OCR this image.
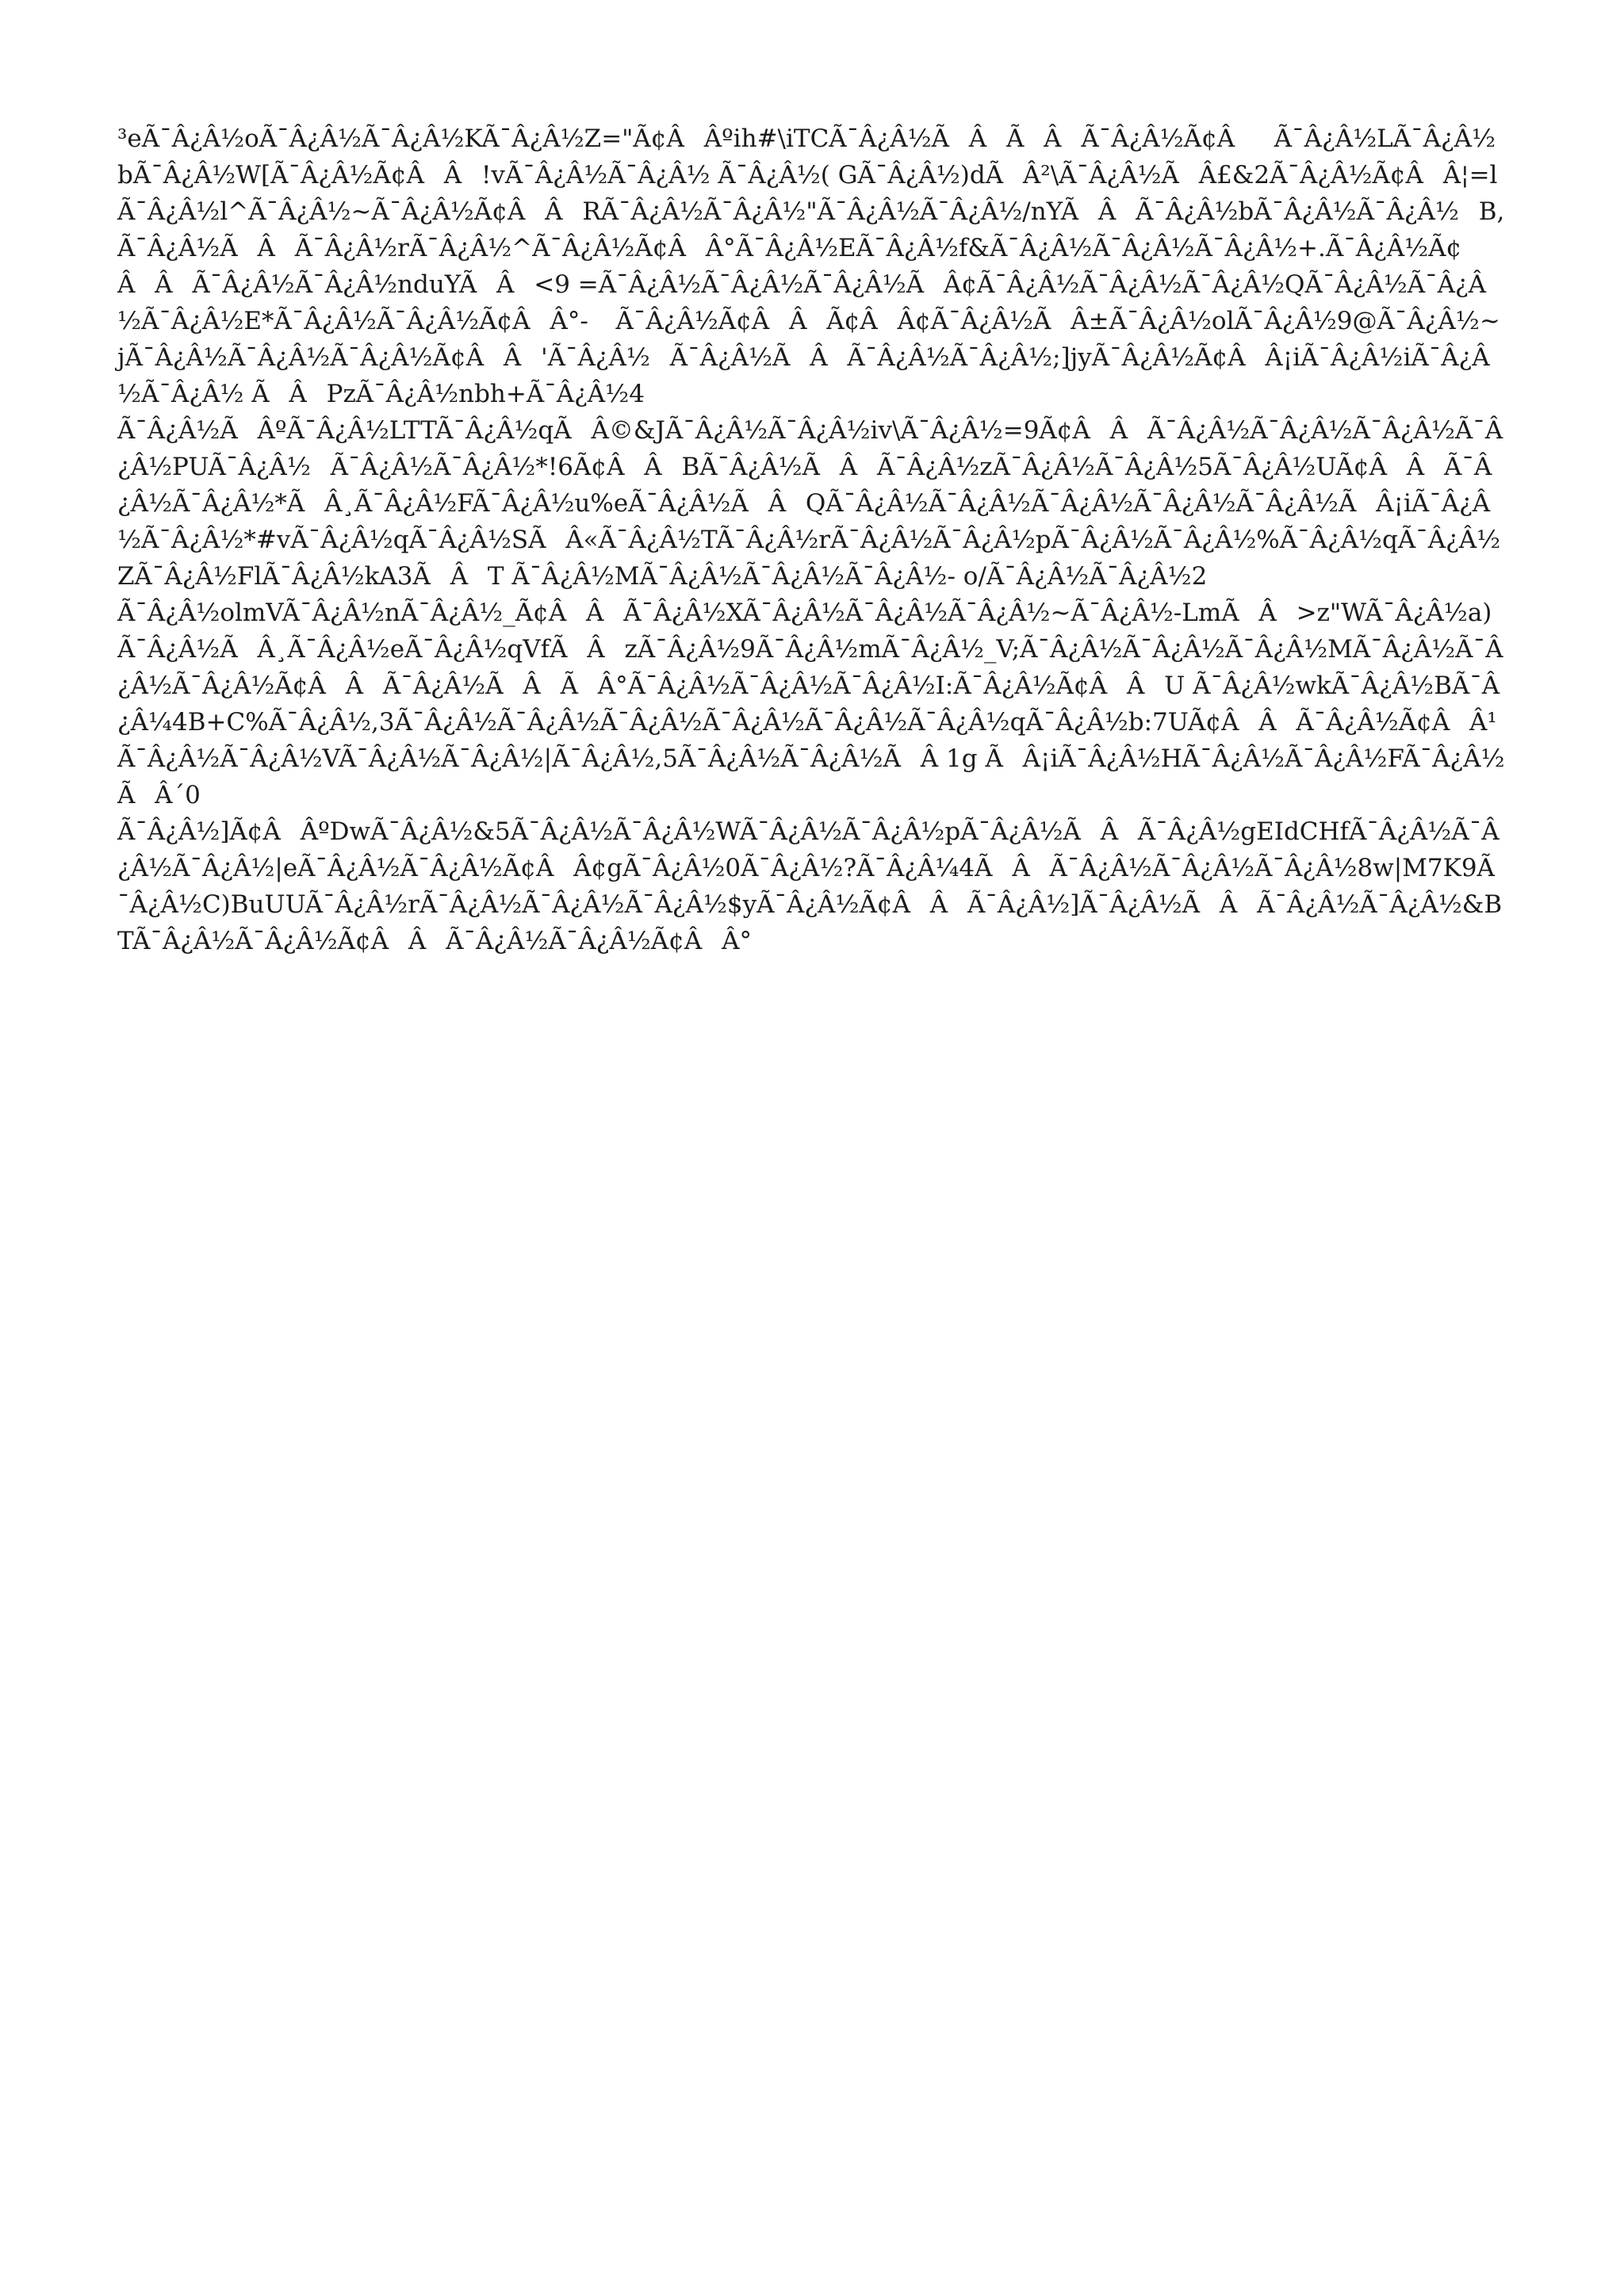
³eÃ¯Â¿Â½oÃ¯Â¿Â½Ã¯Â¿Â½KÃ¯Â¿Â½Z="Ã¢ÂÂºih#\iTCÃ¯Â¿Â½ÃÂÃÂÃ¯Â¿Â½Ã¢ÂÃ¯Â¿Â½LÃ¯Â¿Â½bÃ¯Â¿Â½W[Ã¯Â¿Â½Ã¢ÂÂ!vÃ¯Â¿Â½Ã¯Â¿Â½ Ã¯Â¿Â½( GÃ¯Â¿Â½)dÃÂ²\Ã¯Â¿Â½ÃÂ£&2Ã¯Â¿Â½Ã¢ÂÂ¦=lÃ¯Â¿Â½l^Ã¯Â¿Â½~Ã¯Â¿Â½Ã¢ÂÂRÃ¯Â¿Â½Ã¯Â¿Â½"Ã¯Â¿Â½Ã¯Â¿Â½/nYÃÂÃ¯Â¿Â½bÃ¯Â¿Â½Ã¯Â¿Â½B,Ã¯Â¿Â½ÃÂÃ¯Â¿Â½rÃ¯Â¿Â½^Ã¯Â¿Â½Ã¢ÂÂ°Ã¯Â¿Â½EÃ¯Â¿Â½f&Ã¯Â¿Â½Ã¯Â¿Â½Ã¯Â¿Â½+.Ã¯Â¿Â½Ã¢ÂÂÃ¯Â¿Â½Ã¯Â¿Â½nduYÃÂ<9 =Ã¯Â¿Â½Ã¯Â¿Â½Ã¯Â¿Â½ÃÂ¢Ã¯Â¿Â½Ã¯Â¿Â½Ã¯Â¿Â½QÃ¯Â¿Â½Ã¯Â¿Â½Ã¯Â¿Â½E*Ã¯Â¿Â½Ã¯Â¿Â½Ã¢ÂÂ°- Ã¯Â¿Â½Ã¢ÂÂÃ¢ÂÂ¢Ã¯Â¿Â½ÃÂ±Ã¯Â¿Â½olÃ¯Â¿Â½9@Ã¯Â¿Â½~jÃ¯Â¿Â½Ã¯Â¿Â½Ã¯Â¿Â½Ã¢ÂÂ'Ã¯Â¿Â½Ã¯Â¿Â½ÃÂÃ¯Â¿Â½Ã¯Â¿Â½;]jyÃ¯Â¿Â½Ã¢ÂÂ¡iÃ¯Â¿Â½iÃ¯Â¿Â½Ã¯Â¿Â½ ÃÂPzÃ¯Â¿Â½nbh+Ã¯Â¿Â½4

Ã¯Â¿Â½ÃÂºÃ¯Â¿Â½LTTÃ¯Â¿Â½qÃÂ©&JÃ¯Â¿Â½Ã¯Â¿Â½iv\Ã¯Â¿Â½=9Ã¢ÂÂÃ¯Â¿Â½Ã¯Â¿Â½Ã¯Â¿Â½Ã¯Â¿Â½PUÃ¯Â¿Â½Ã¯Â¿Â½Ã¯Â¿Â½*!6Ã¢ÂÂBÃ¯Â¿Â½ÃÂÃ¯Â¿Â½zÃ¯Â¿Â½Ã¯Â¿Â½5Ã¯Â¿Â½UÃ¢ÂÂÃ¯Â¿Â½Ã¯Â¿Â½*ÃÂ¸Ã¯Â¿Â½FÃ¯Â¿Â½u%eÃ¯Â¿Â½ÃÂQÃ¯Â¿Â½Ã¯Â¿Â½Ã¯Â¿Â½Ã¯Â¿Â½Ã¯Â¿Â½ÃÂ¡iÃ¯Â¿Â½Ã¯Â¿Â½*#vÃ¯Â¿Â½qÃ¯Â¿Â½SÃÂ«Ã¯Â¿Â½TÃ¯Â¿Â½rÃ¯Â¿Â½Ã¯Â¿Â½pÃ¯Â¿Â½Ã¯Â¿Â½%Ã¯Â¿Â½qÃ¯Â¿Â½ZÃ¯Â¿Â½FlÃ¯Â¿Â½kA3ÃÂT Ã¯Â¿Â½MÃ¯Â¿Â½Ã¯Â¿Â½Ã¯Â¿Â½- o/Ã¯Â¿Â½Ã¯Â¿Â½2

Ã¯Â¿Â½olmVÃ¯Â¿Â½nÃ¯Â¿Â½_Ã¢ÂÂÃ¯Â¿Â½XÃ¯Â¿Â½Ã¯Â¿Â½Ã¯Â¿Â½~Ã¯Â¿Â½-LmÃÂ>z"WÃ¯Â¿Â½a)Ã¯Â¿Â½ÃÂ¸Ã¯Â¿Â½eÃ¯Â¿Â½qVfÃÂzÃ¯Â¿Â½9Ã¯Â¿Â½mÃ¯Â¿Â½_V;Ã¯Â¿Â½Ã¯Â¿Â½Ã¯Â¿Â½MÃ¯Â¿Â½Ã¯Â¿Â½Ã¯Â¿Â½Ã¢ÂÂÃ¯Â¿Â½ÃÂÃÂ°Ã¯Â¿Â½Ã¯Â¿Â½Ã¯Â¿Â½I:Ã¯Â¿Â½Ã¢ÂÂU Ã¯Â¿Â½wkÃ¯Â¿Â½BÃ¯Â¿Â¼4B+C%Ã¯Â¿Â½,3Ã¯Â¿Â½Ã¯Â¿Â½Ã¯Â¿Â½Ã¯Â¿Â½Ã¯Â¿Â½Ã¯Â¿Â½qÃ¯Â¿Â½b:7UÃ¢ÂÂÃ¯Â¿Â½Ã¢ÂÂ¹Ã¯Â¿Â½Ã¯Â¿Â½VÃ¯Â¿Â½Ã¯Â¿Â½|Ã¯Â¿Â½,5Ã¯Â¿Â½Ã¯Â¿Â½ÃÂ 1g ÃÂ¡iÃ¯Â¿Â½HÃ¯Â¿Â½Ã¯Â¿Â½FÃ¯Â¿Â½ÃÂ´0

Ã¯Â¿Â½]Ã¢ÂÂºDwÃ¯Â¿Â½&5Ã¯Â¿Â½Ã¯Â¿Â½WÃ¯Â¿Â½Ã¯Â¿Â½pÃ¯Â¿Â½ÃÂÃ¯Â¿Â½gEIdCHfÃ¯Â¿Â½Ã¯Â¿Â½Ã¯Â¿Â½|eÃ¯Â¿Â½Ã¯Â¿Â½Ã¢ÂÂ¢gÃ¯Â¿Â½0Ã¯Â¿Â½?Ã¯Â¿Â¼4ÃÂÃ¯Â¿Â½Ã¯Â¿Â½Ã¯Â¿Â½8w|M7K9Ã¯Â¿Â½C)BuUUÃ¯Â¿Â½rÃ¯Â¿Â½Ã¯Â¿Â½Ã¯Â¿Â½$yÃ¯Â¿Â½Ã¢ÂÂÃ¯Â¿Â½]Ã¯Â¿Â½ÃÂÃ¯Â¿Â½Ã¯Â¿Â½&BTÃ¯Â¿Â½Ã¯Â¿Â½Ã¢ÂÂÃ¯Â¿Â½Ã¯Â¿Â½Ã¢ÂÂ°
